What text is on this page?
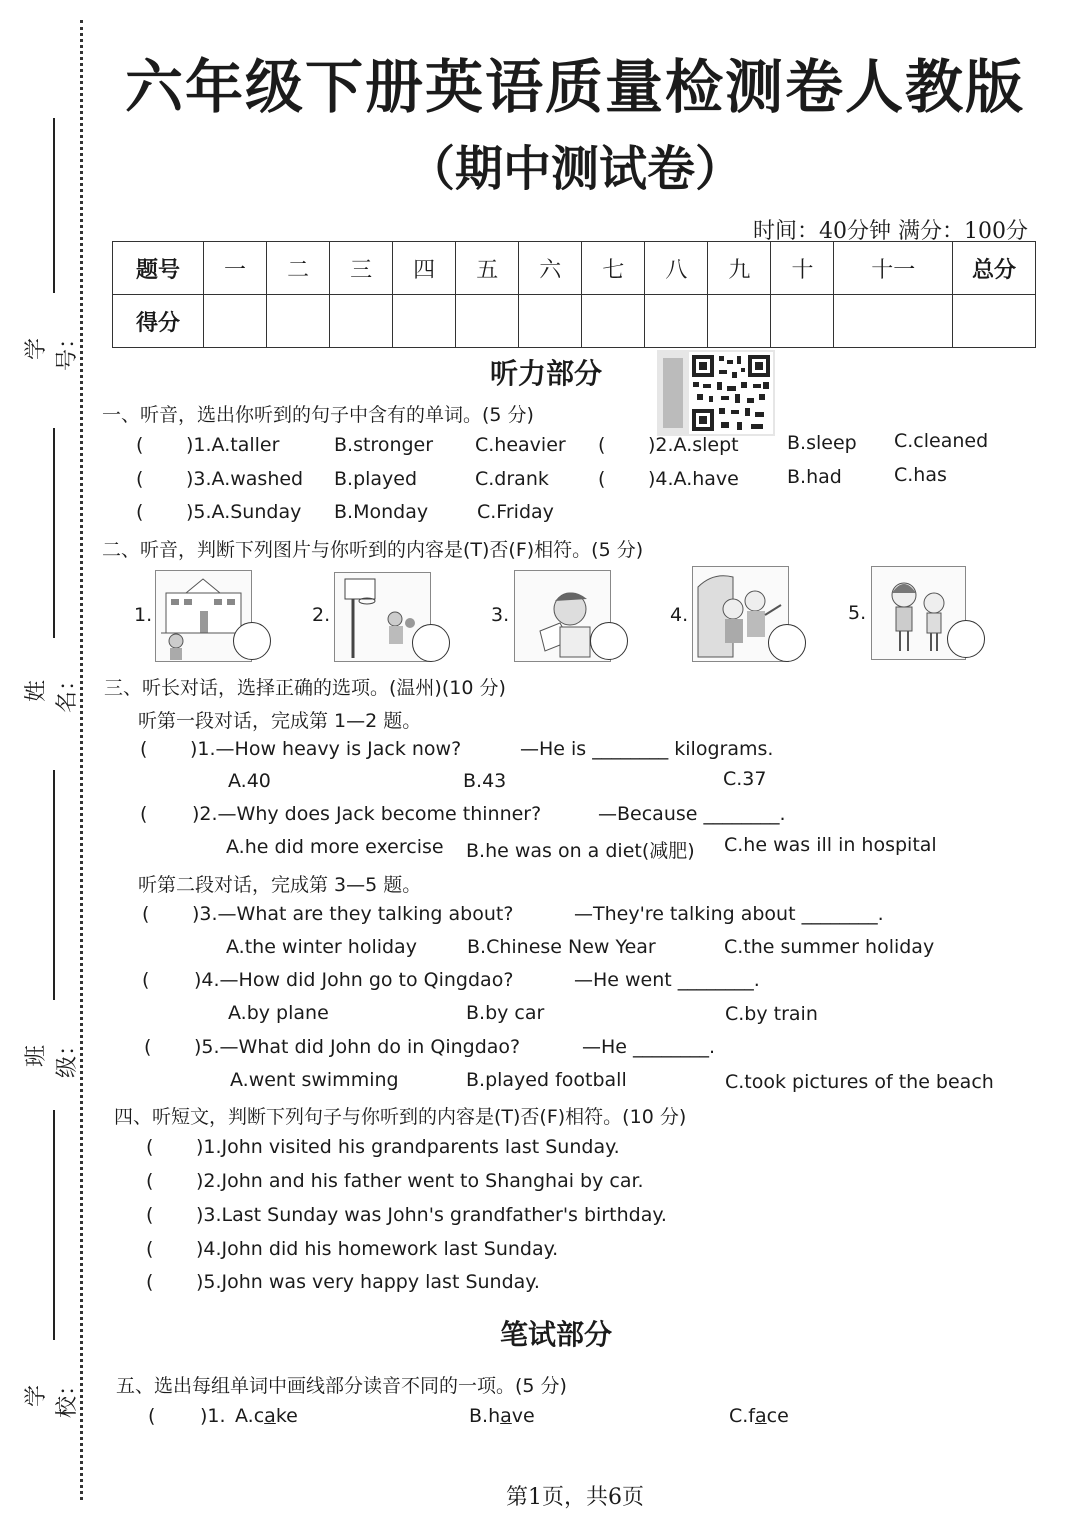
学号：
姓名：
班级：
学校：
六年级下册英语质量检测卷人教版
（期中测试卷）
时间：40分钟 满分：100分
题号	一	二	三	四	五	六	七	八	九	十	十一	总分
得分												
听力部分
一、听音，选出你听到的句子中含有的单词。(5 分)
( )1.A.taller	B.stronger C.heavier ( )2.A.slept	B.sleep C.cleaned
( )3.A.washed B.played	C.drank	( )4.A.have	B.had	C.has
( )5.A.Sunday B.Monday	C.Friday
二、听音，判断下列图片与你听到的内容是(T)否(F)相符。(5 分)
1.	2.	3.	4.	5.
三、听长对话，选择正确的选项。(温州)(10 分)
听第一段对话，完成第 1—2 题。
( )1.—How heavy is Jack now?	—He is ________ kilograms.
A.40	B.43	C.37
( )2.—Why does Jack become thinner?	—Because ________.
A.he did more exercise B.he was on a diet(减肥) C.he was ill in hospital
听第二段对话，完成第 3—5 题。
( )3.—What are they talking about?	—They're talking about ________.
A.the winter holiday	B.Chinese New Year	C.the summer holiday
( )4.—How did John go to Qingdao?	—He went ________.
A.by plane	B.by car	C.by train
( )5.—What did John do in Qingdao?	—He ________.
A.went swimming	B.played football	C.took pictures of the beach
四、听短文，判断下列句子与你听到的内容是(T)否(F)相符。(10 分)
( )1.John visited his grandparents last Sunday.
( )2.John and his father went to Shanghai by car.
( )3.Last Sunday was John's grandfather's birthday.
( )4.John did his homework last Sunday.
( )5.John was very happy last Sunday.
笔试部分
五、选出每组单词中画线部分读音不同的一项。(5 分)
( )1. A.cake	B.have	C.face
第1页，共6页
